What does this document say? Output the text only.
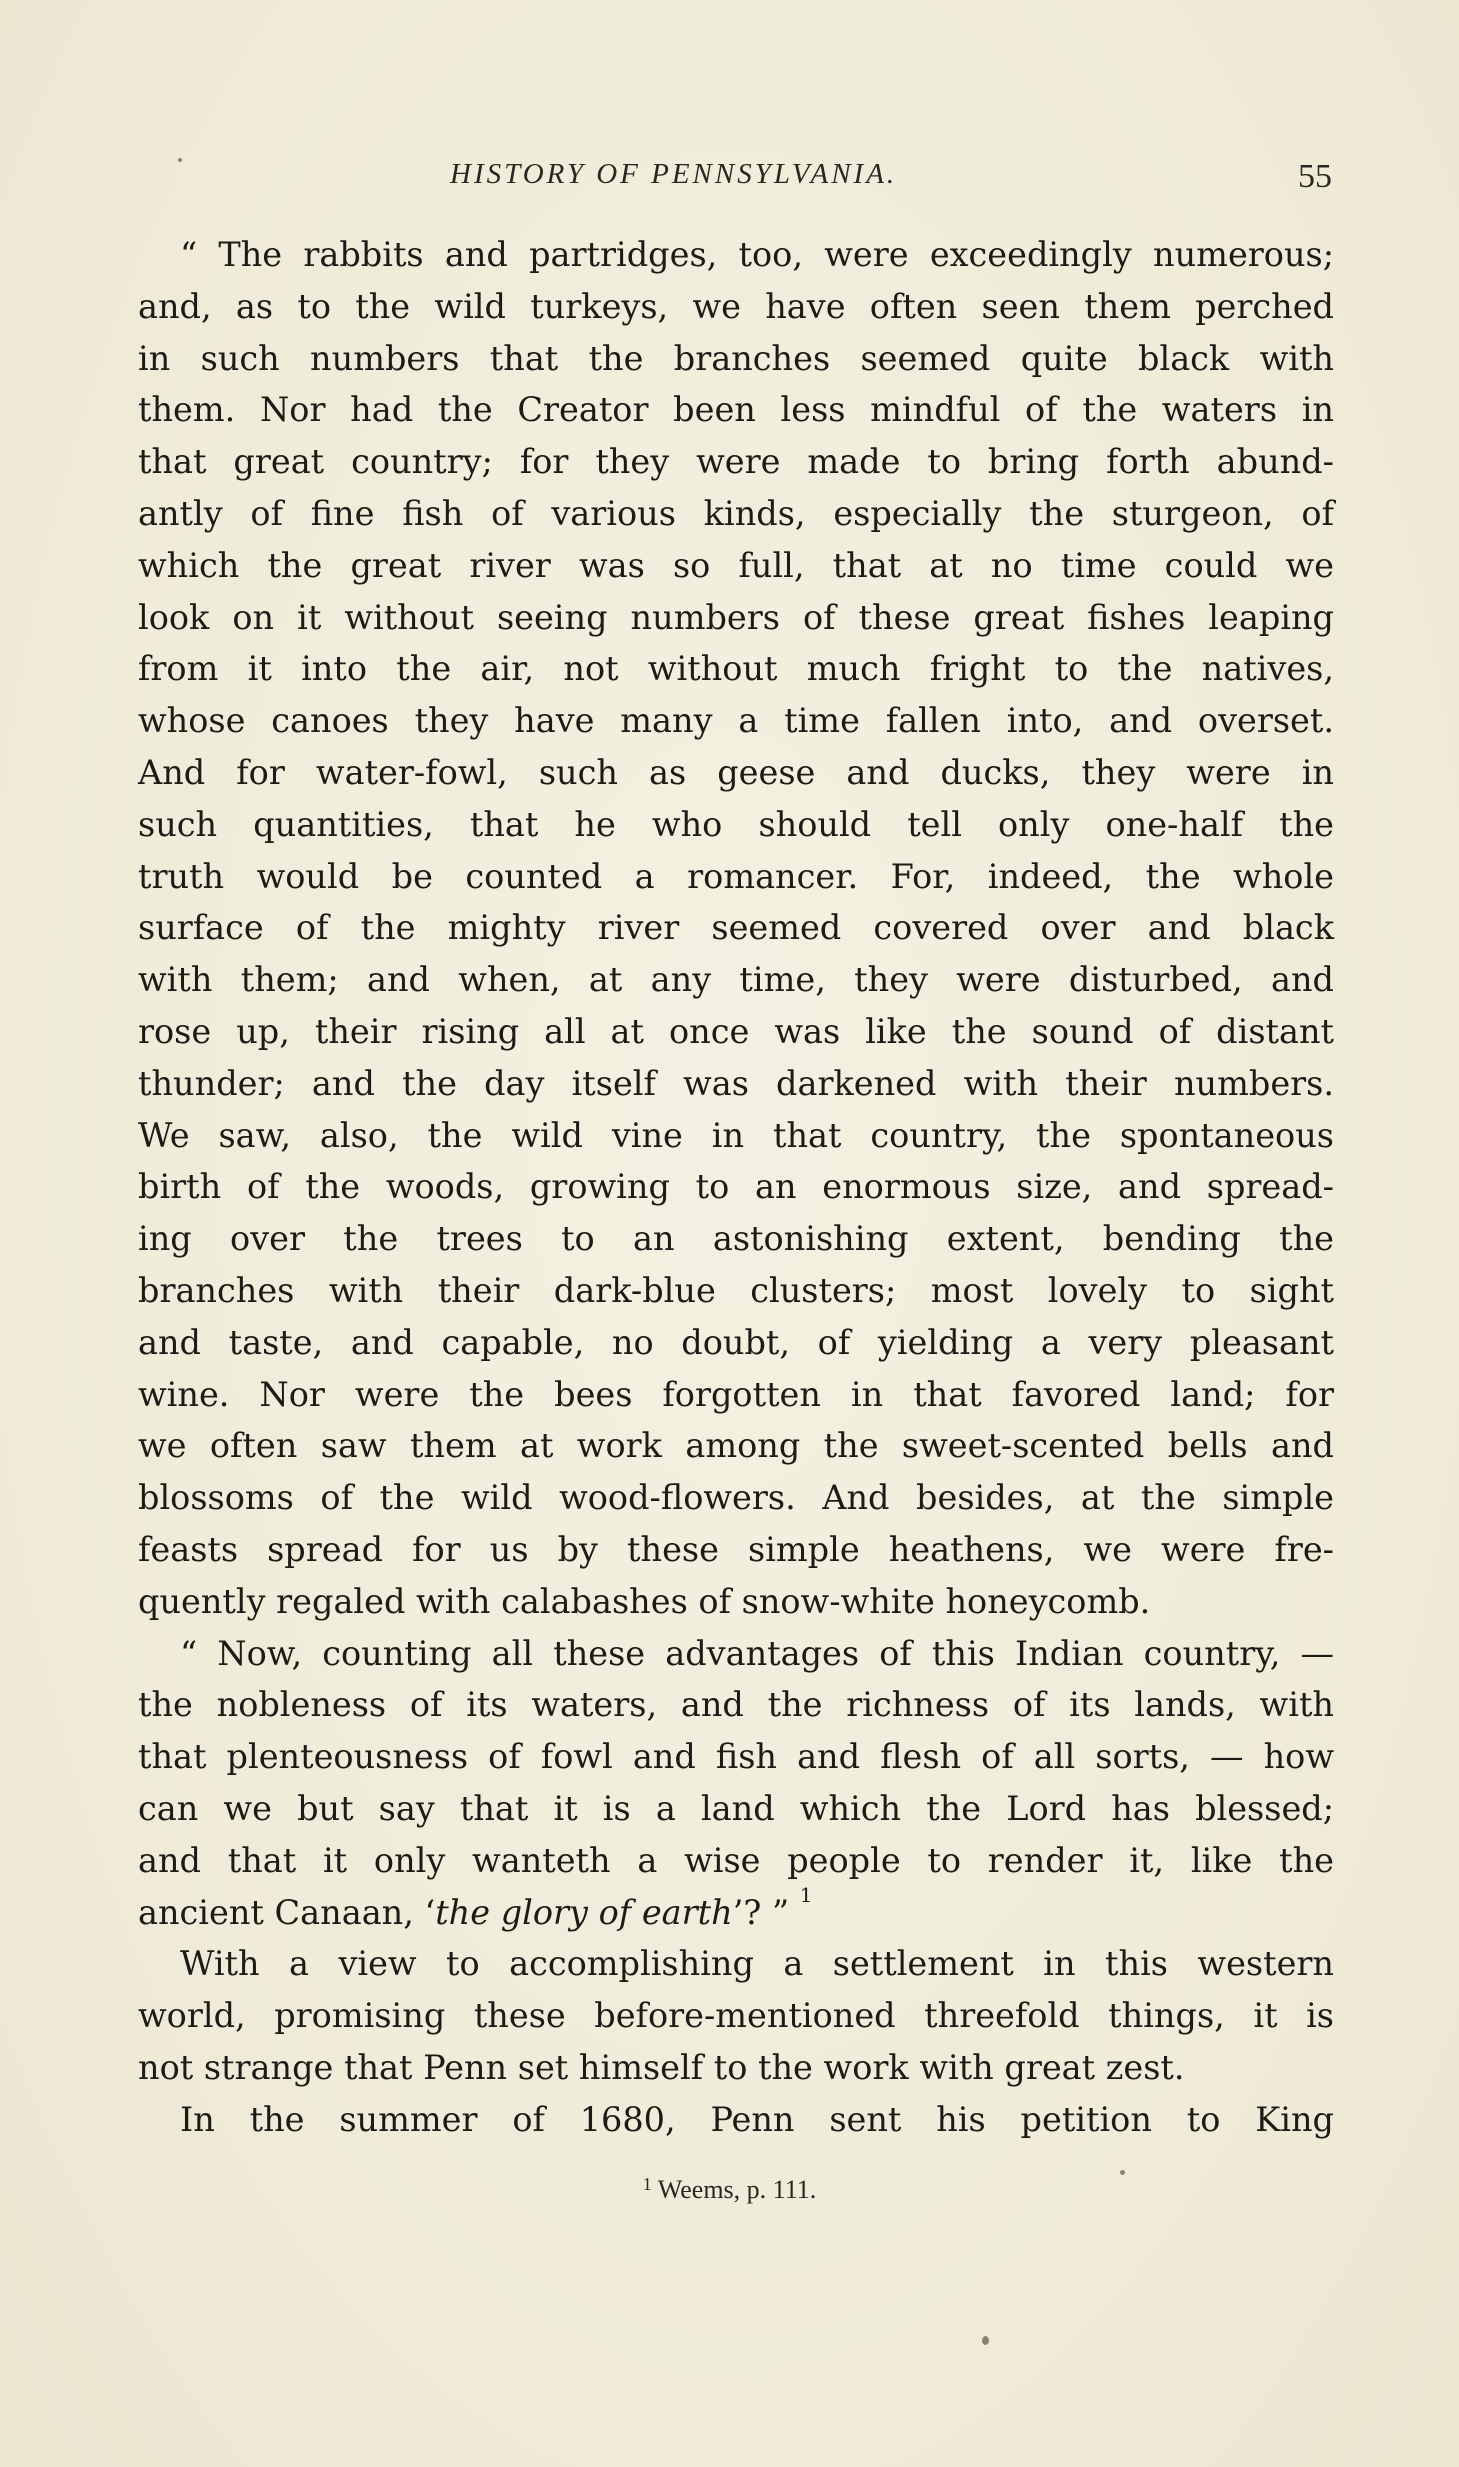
HISTORY OF PENNSYLVANIA.	55
“ The rabbits and partridges, too, were exceedingly numerous;
and, as to the wild turkeys, we have often seen them perched
in such numbers that the branches seemed quite black with
them. Nor had the Creator been less mindful of the waters in
that great country; for they were made to bring forth abund-
antly of fine fish of various kinds, especially the sturgeon, of
which the great river was so full, that at no time could we
look on it without seeing numbers of these great fishes leaping
from it into the air, not without much fright to the natives,
whose canoes they have many a time fallen into, and overset.
And for water-fowl, such as geese and ducks, they were in
such quantities, that he who should tell only one-half the
truth would be counted a romancer. For, indeed, the whole
surface of the mighty river seemed covered over and black
with them; and when, at any time, they were disturbed, and
rose up, their rising all at once was like the sound of distant
thunder; and the day itself was darkened with their numbers.
We saw, also, the wild vine in that country, the spontaneous
birth of the woods, growing to an enormous size, and spread-
ing over the trees to an astonishing extent, bending the
branches with their dark-blue clusters; most lovely to sight
and taste, and capable, no doubt, of yielding a very pleasant
wine. Nor were the bees forgotten in that favored land; for
we often saw them at work among the sweet-scented bells and
blossoms of the wild wood-flowers. And besides, at the simple
feasts spread for us by these simple heathens, we were fre-
quently regaled with calabashes of snow-white honeycomb.
“ Now, counting all these advantages of this Indian country, —
the nobleness of its waters, and the richness of its lands, with
that plenteousness of fowl and fish and flesh of all sorts, — how
can we but say that it is a land which the Lord has blessed;
and that it only wanteth a wise people to render it, like the
ancient Canaan, ‘the glory of earth’? ” $^1$
With a view to accomplishing a settlement in this western
world, promising these before-mentioned threefold things, it is
not strange that Penn set himself to the work with great zest.
In the summer of 1680, Penn sent his petition to King
$^1$ Weems, p. 111.
